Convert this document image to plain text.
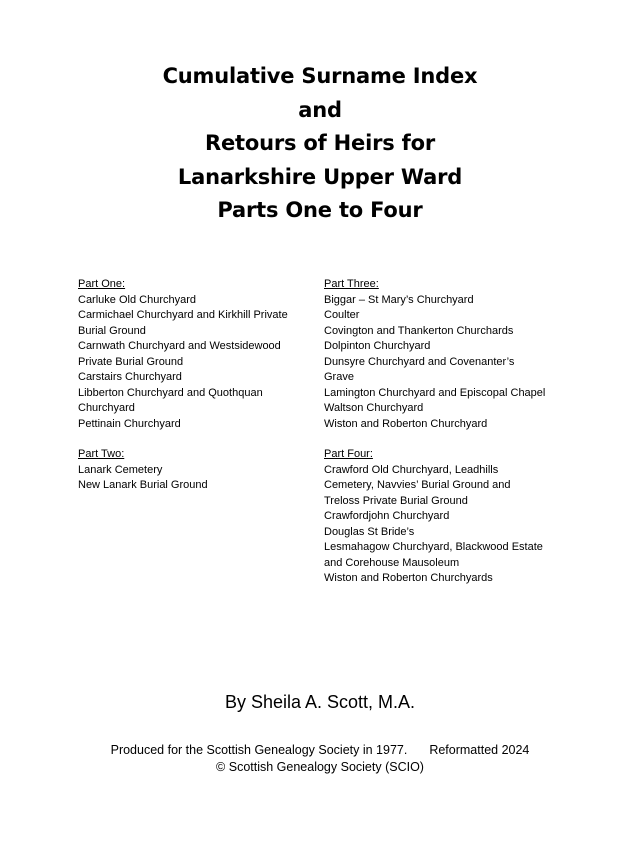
Cumulative Surname Index
and
Retours of Heirs for
Lanarkshire Upper Ward
Parts One to Four
Part One:
Carluke Old Churchyard
Carmichael Churchyard and Kirkhill Private
Burial Ground
Carnwath Churchyard and Westsidewood
Private Burial Ground
Carstairs Churchyard
Libberton Churchyard and Quothquan
Churchyard
Pettinain Churchyard
Part Two:
Lanark Cemetery
New Lanark Burial Ground
Part Three:
Biggar – St Mary’s Churchyard
Coulter
Covington and Thankerton Churchards
Dolpinton Churchyard
Dunsyre Churchyard and Covenanter’s
Grave
Lamington Churchyard and Episcopal Chapel
Waltson Churchyard
Wiston and Roberton Churchyard
Part Four:
Crawford Old Churchyard, Leadhills
Cemetery, Navvies’ Burial Ground and
Treloss Private Burial Ground
Crawfordjohn Churchyard
Douglas St Bride’s
Lesmahagow Churchyard, Blackwood Estate
and Corehouse Mausoleum
Wiston and Roberton Churchyards
By Sheila A. Scott, M.A.
Produced for the Scottish Genealogy Society in 1977. Reformatted 2024
© Scottish Genealogy Society (SCIO)
